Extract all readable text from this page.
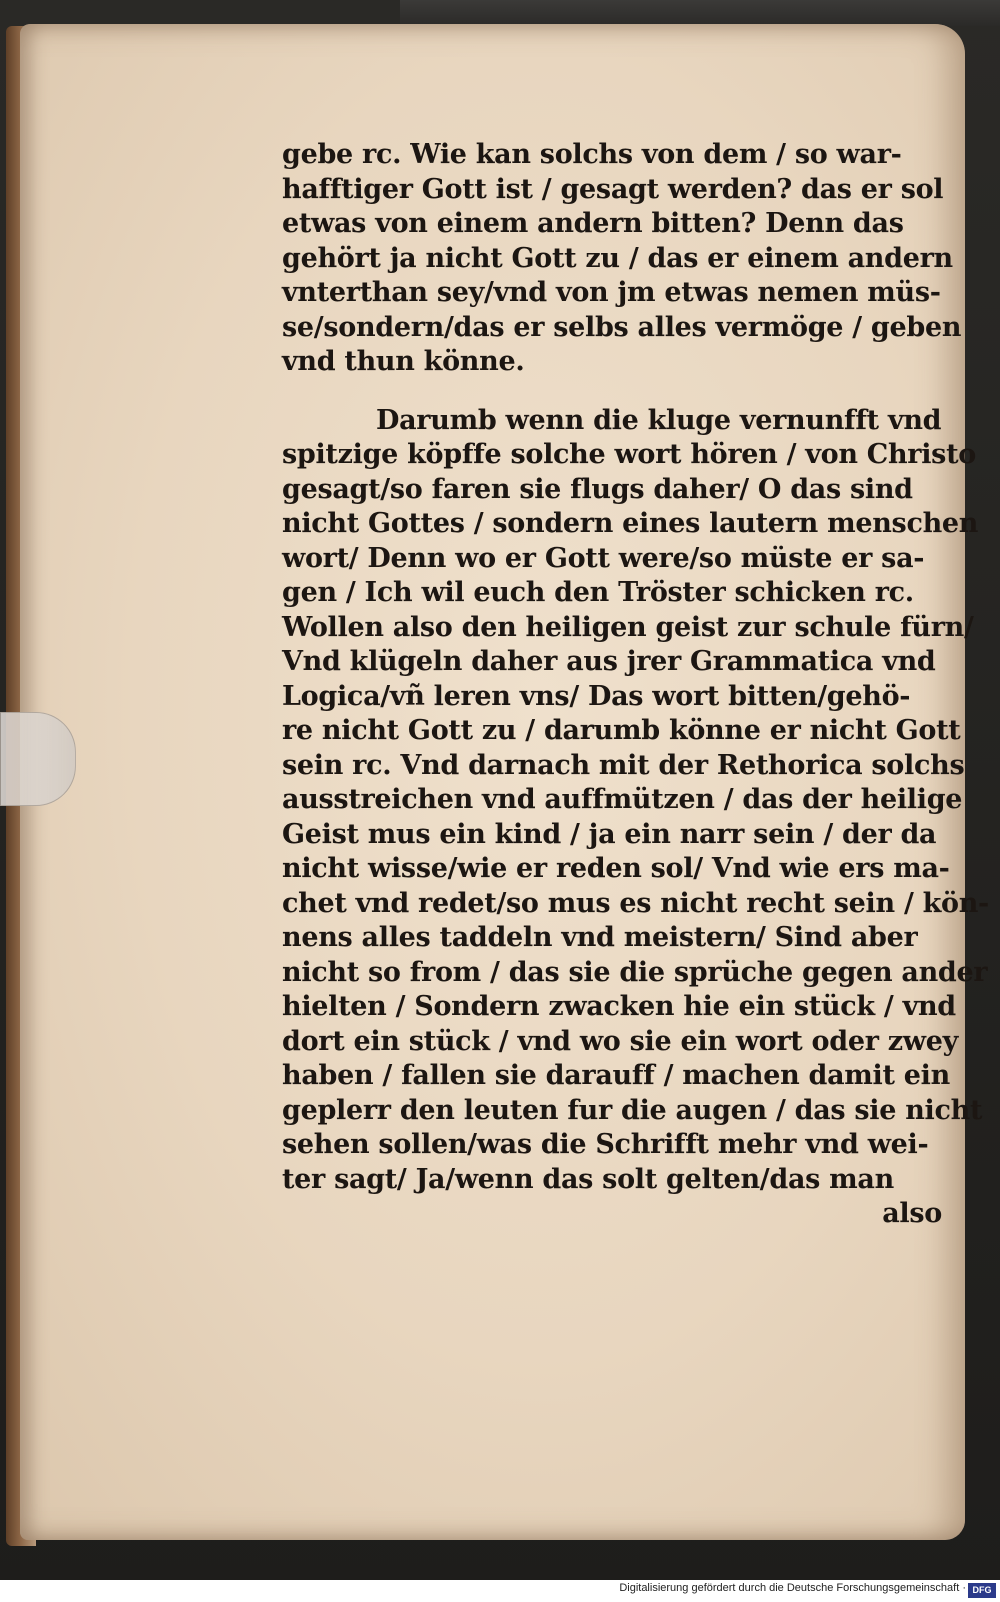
gebe rc. Wie kan solchs von dem / so war-
hafftiger Gott ist / gesagt werden? das er sol
etwas von einem andern bitten? Denn das
gehört ja nicht Gott zu / das er einem andern
vnterthan sey/vnd von jm etwas nemen müs-
se/sondern/das er selbs alles vermöge / geben
vnd thun könne.
Darumb wenn die kluge vernunfft vnd
spitzige köpffe solche wort hören / von Christo
gesagt/so faren sie flugs daher/ O das sind
nicht Gottes / sondern eines lautern menschen
wort/ Denn wo er Gott were/so müste er sa-
gen / Ich wil euch den Tröster schicken rc.
Wollen also den heiligen geist zur schule fürn/
Vnd klügeln daher aus jrer Grammatica vnd
Logica/vñ leren vns/ Das wort bitten/gehö-
re nicht Gott zu / darumb könne er nicht Gott
sein rc. Vnd darnach mit der Rethorica solchs
ausstreichen vnd auffmützen / das der heilige
Geist mus ein kind / ja ein narr sein / der da
nicht wisse/wie er reden sol/ Vnd wie ers ma-
chet vnd redet/so mus es nicht recht sein / kön-
nens alles taddeln vnd meistern/ Sind aber
nicht so from / das sie die sprüche gegen ander
hielten / Sondern zwacken hie ein stück / vnd
dort ein stück / vnd wo sie ein wort oder zwey
haben / fallen sie darauff / machen damit ein
geplerr den leuten fur die augen / das sie nicht
sehen sollen/was die Schrifft mehr vnd wei-
ter sagt/ Ja/wenn das solt gelten/das man
also
Digitalisierung gefördert durch die Deutsche Forschungsgemeinschaft · DFG
